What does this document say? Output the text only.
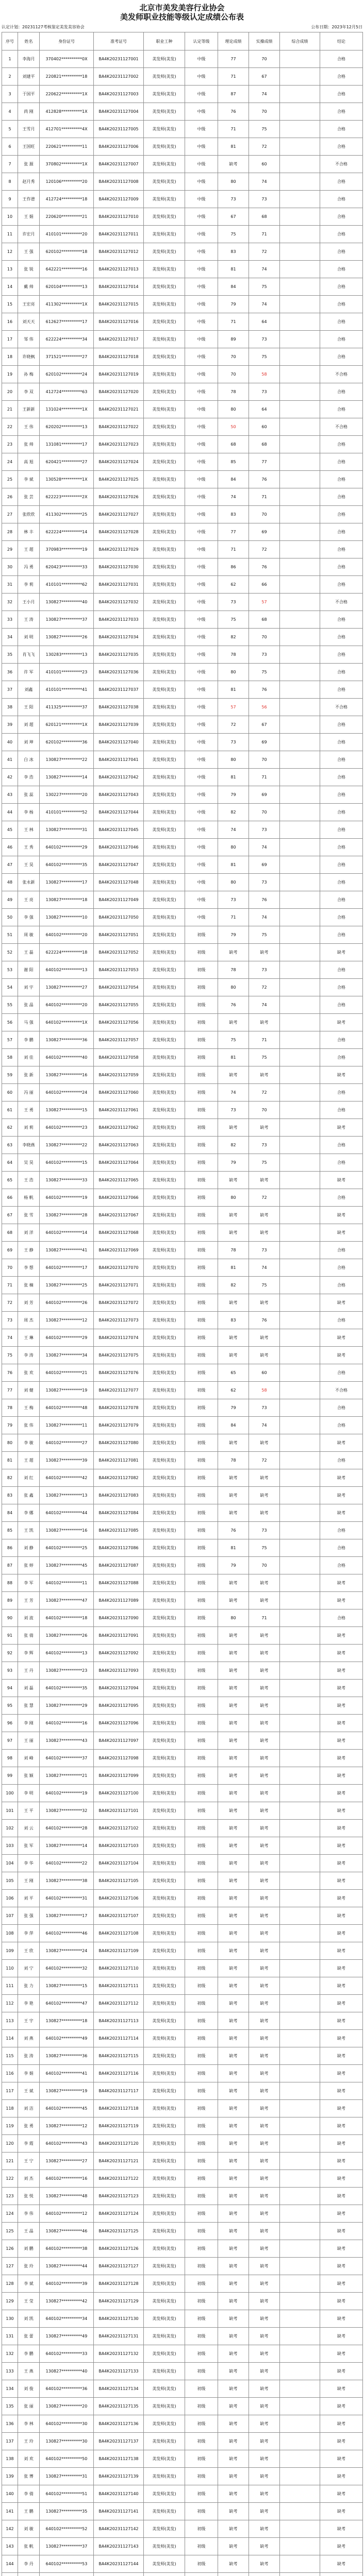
北京市美发美容行业协会
美发师职业技能等级认定成绩公布表
认定计划：20231127考核鉴定美发美容协会	公布日期：2023年12月5日
序号	姓名	身份证号	准考证号	职业工种	认定等级	理论成绩	实操成绩	综合成绩	结论
1	李海月	370402**********0X	BA4K20231127001	美发师(美发)	中级	77	70		合格
2	刘建平	220821**********18	BA4K20231127002	美发师(美发)	中级	71	67		合格
3	于国平	220622**********1X	BA4K20231127003	美发师(美发)	中级	87	74		合格
4	尚 刚	412828**********1X	BA4K20231127004	美发师(美发)	中级	76	70		合格
5	王雪月	412701**********4X	BA4K20231127005	美发师(美发)	中级	71	75		合格
6	王国旺	220621**********11	BA4K20231127006	美发师(美发)	中级	81	72		合格
7	张 源	370802**********1X	BA4K20231127007	美发师(美发)	中级	缺考	60		不合格
8	赵月秀	120106**********20	BA4K20231127008	美发师(美发)	中级	80	74		合格
9	王作谱	412724**********18	BA4K20231127009	美发师(美发)	中级	73	73		合格
10	王 娟	220620**********21	BA4K20231127010	美发师(美发)	中级	67	68		合格
11	许宏月	410101**********20	BA4K20231127011	美发师(美发)	中级	75	71		合格
12	王 强	620102**********18	BA4K20231127012	美发师(美发)	中级	83	72		合格
13	张 锐	642221**********16	BA4K20231127013	美发师(美发)	中级	81	74		合格
14	戴 帅	620104**********13	BA4K20231127014	美发师(美发)	中级	84	75		合格
15	王宏亮	411302**********1X	BA4K20231127015	美发师(美发)	中级	79	74		合格
16	刘天天	612627**********17	BA4K20231127016	美发师(美发)	中级	71	64		合格
17	邹 伟	622224**********34	BA4K20231127017	美发师(美发)	中级	89	73		合格
18	许晓枫	371521**********27	BA4K20231127018	美发师(美发)	中级	70	75		合格
19	孙 梅	620102**********24	BA4K20231127019	美发师(美发)	中级	70	58		不合格
20	李 双	412724**********63	BA4K20231127020	美发师(美发)	中级	78	73		合格
21	王新新	131024**********1X	BA4K20231127021	美发师(美发)	中级	80	64		合格
22	王 伟	620202**********13	BA4K20231127022	美发师(美发)	中级	50	60		不合格
23	张 帅	131081**********17	BA4K20231127023	美发师(美发)	中级	68	68		合格
24	高 旭	620421**********27	BA4K20231127024	美发师(美发)	中级	85	77		合格
25	李 斌	130528**********1X	BA4K20231127025	美发师(美发)	中级	84	76		合格
26	张 芸	622223**********2X	BA4K20231127026	美发师(美发)	中级	74	71		合格
27	张欣欣	411302**********25	BA4K20231127027	美发师(美发)	中级	83	70		合格
28	林 丰	622224**********14	BA4K20231127028	美发师(美发)	中级	77	69		合格
29	王 超	370983**********19	BA4K20231127029	美发师(美发)	中级	71	72		合格
30	冯 勇	620423**********33	BA4K20231127030	美发师(美发)	中级	86	76		合格
31	李 莉	410101**********62	BA4K20231127031	美发师(美发)	中级	62	66		合格
32	王小月	130827**********40	BA4K20231127032	美发师(美发)	中级	73	57		不合格
33	王 涛	130827**********37	BA4K20231127033	美发师(美发)	中级	75	68		合格
34	刘 明	130827**********26	BA4K20231127034	美发师(美发)	中级	82	70		合格
35	肖飞飞	130283**********13	BA4K20231127035	美发师(美发)	中级	78	73		合格
36	许 军	410101**********23	BA4K20231127036	美发师(美发)	中级	80	75		合格
37	刘鑫	410101**********41	BA4K20231127037	美发师(美发)	中级	81	76		合格
38	王 阳	411325**********37	BA4K20231127038	美发师(美发)	中级	57	56		不合格
39	刘 超	620121**********1X	BA4K20231127039	美发师(美发)	中级	72	67		合格
40	刘 坤	620102**********36	BA4K20231127040	美发师(美发)	中级	73	69		合格
41	白 冰	130827**********22	BA4K20231127041	美发师(美发)	中级	80	70		合格
42	李 浩	130827**********14	BA4K20231127042	美发师(美发)	中级	81	71		合格
43	张 蕊	130227**********20	BA4K20231127043	美发师(美发)	中级	79	69		合格
44	李 杨	410101**********52	BA4K20231127044	美发师(美发)	中级	82	70		合格
45	王 林	130827**********31	BA4K20231127045	美发师(美发)	中级	74	73		合格
46	王 秀	640102**********29	BA4K20231127046	美发师(美发)	中级	80	74		合格
47	王 昊	640102**********35	BA4K20231127047	美发师(美发)	中级	81	69		合格
48	张永新	130827**********17	BA4K20231127048	美发师(美发)	中级	80	73		合格
49	王 亮	130827**********18	BA4K20231127049	美发师(美发)	中级	73	76		合格
50	李 强	130827**********10	BA4K20231127050	美发师(美发)	中级	71	74		合格
51	周 敏	640102**********20	BA4K20231127051	美发师(美发)	初级	79	75		合格
52	王 磊	622224**********18	BA4K20231127052	美发师(美发)	初级	缺考	缺考		缺考
53	谢 阳	640102**********13	BA4K20231127053	美发师(美发)	初级	78	73		合格
54	刘 宇	130827**********27	BA4K20231127054	美发师(美发)	初级	80	72		合格
55	张 晶	640102**********20	BA4K20231127055	美发师(美发)	初级	76	74		合格
56	马 强	640102**********1X	BA4K20231127056	美发师(美发)	初级	缺考	缺考		缺考
57	李 鹏	130827**********36	BA4K20231127057	美发师(美发)	初级	75	71		合格
58	刘 佳	640102**********40	BA4K20231127058	美发师(美发)	初级	81	75		合格
59	张 新	130827**********16	BA4K20231127059	美发师(美发)	初级	缺考	缺考		缺考
60	冯 丽	640102**********24	BA4K20231127060	美发师(美发)	初级	74	72		合格
61	王 勇	130827**********15	BA4K20231127061	美发师(美发)	初级	73	70		合格
62	刘 莉	640102**********23	BA4K20231127062	美发师(美发)	初级	缺考	缺考		缺考
63	李晓燕	130827**********22	BA4K20231127063	美发师(美发)	初级	82	73		合格
64	吴 昊	640102**********15	BA4K20231127064	美发师(美发)	初级	79	75		合格
65	王 浩	130827**********33	BA4K20231127065	美发师(美发)	初级	缺考	缺考		缺考
66	杨 帆	640102**********19	BA4K20231127066	美发师(美发)	初级	80	72		合格
67	张 雪	130827**********28	BA4K20231127067	美发师(美发)	初级	缺考	缺考		缺考
68	刘 洋	640102**********14	BA4K20231127068	美发师(美发)	初级	缺考	缺考		缺考
69	王 静	130827**********41	BA4K20231127069	美发师(美发)	初级	78	73		合格
70	李 想	640102**********17	BA4K20231127070	美发师(美发)	初级	81	74		合格
71	张 楠	130827**********25	BA4K20231127071	美发师(美发)	初级	82	75		合格
72	刘 芳	640102**********26	BA4K20231127072	美发师(美发)	初级	缺考	缺考		缺考
73	周 杰	130827**********12	BA4K20231127073	美发师(美发)	初级	83	76		合格
74	王 琳	640102**********29	BA4K20231127074	美发师(美发)	初级	缺考	缺考		缺考
75	李 涛	130827**********34	BA4K20231127075	美发师(美发)	初级	缺考	缺考		缺考
76	张 欢	640102**********21	BA4K20231127076	美发师(美发)	初级	65	60		合格
77	刘 健	130827**********19	BA4K20231127077	美发师(美发)	初级	62	58		不合格
78	王 梅	640102**********48	BA4K20231127078	美发师(美发)	初级	79	73		合格
79	张 伟	130827**********11	BA4K20231127079	美发师(美发)	初级	84	74		合格
80	李 敏	640102**********27	BA4K20231127080	美发师(美发)	初级	缺考	缺考		缺考
81	王 超	130827**********39	BA4K20231127081	美发师(美发)	初级	78	72		合格
82	刘 红	640102**********42	BA4K20231127082	美发师(美发)	初级	缺考	缺考		缺考
83	张 鑫	130827**********13	BA4K20231127083	美发师(美发)	初级	缺考	缺考		缺考
84	李 娜	640102**********44	BA4K20231127084	美发师(美发)	初级	缺考	缺考		缺考
85	王 凯	130827**********16	BA4K20231127085	美发师(美发)	初级	76	73		合格
86	刘 静	640102**********25	BA4K20231127086	美发师(美发)	初级	81	75		合格
87	张 婷	130827**********45	BA4K20231127087	美发师(美发)	初级	79	70		合格
88	李 军	640102**********11	BA4K20231127088	美发师(美发)	初级	缺考	缺考		缺考
89	王 芳	130827**********47	BA4K20231127089	美发师(美发)	初级	缺考	缺考		缺考
90	刘 波	640102**********18	BA4K20231127090	美发师(美发)	初级	80	71		合格
91	张 倩	130827**********26	BA4K20231127091	美发师(美发)	初级	缺考	缺考		缺考
92	李 辉	640102**********13	BA4K20231127092	美发师(美发)	初级	缺考	缺考		缺考
93	王 丹	130827**********23	BA4K20231127093	美发师(美发)	初级	缺考	缺考		缺考
94	刘 磊	640102**********35	BA4K20231127094	美发师(美发)	初级	缺考	缺考		缺考
95	张 慧	130827**********29	BA4K20231127095	美发师(美发)	初级	缺考	缺考		缺考
96	李 刚	640102**********16	BA4K20231127096	美发师(美发)	初级	缺考	缺考		缺考
97	王 丽	130827**********43	BA4K20231127097	美发师(美发)	初级	缺考	缺考		缺考
98	刘 峰	640102**********37	BA4K20231127098	美发师(美发)	初级	缺考	缺考		缺考
99	张 颖	130827**********21	BA4K20231127099	美发师(美发)	初级	缺考	缺考		缺考
100	李 明	640102**********19	BA4K20231127100	美发师(美发)	初级	缺考	缺考		缺考
101	王 平	130827**********32	BA4K20231127101	美发师(美发)	初级	缺考	缺考		缺考
102	刘 云	640102**********28	BA4K20231127102	美发师(美发)	初级	缺考	缺考		缺考
103	张 军	130827**********14	BA4K20231127103	美发师(美发)	初级	缺考	缺考		缺考
104	李 华	640102**********22	BA4K20231127104	美发师(美发)	初级	缺考	缺考		缺考
105	王 刚	130827**********38	BA4K20231127105	美发师(美发)	初级	缺考	缺考		缺考
106	刘 平	640102**********31	BA4K20231127106	美发师(美发)	初级	缺考	缺考		缺考
107	张 强	130827**********17	BA4K20231127107	美发师(美发)	初级	缺考	缺考		缺考
108	李 萍	640102**********46	BA4K20231127108	美发师(美发)	初级	缺考	缺考		缺考
109	王 欣	130827**********24	BA4K20231127109	美发师(美发)	初级	缺考	缺考		缺考
110	刘 宁	640102**********32	BA4K20231127110	美发师(美发)	初级	缺考	缺考		缺考
111	张 力	130827**********15	BA4K20231127111	美发师(美发)	初级	缺考	缺考		缺考
112	李 艳	640102**********47	BA4K20231127112	美发师(美发)	初级	缺考	缺考		缺考
113	王 宇	130827**********18	BA4K20231127113	美发师(美发)	初级	缺考	缺考		缺考
114	刘 燕	640102**********49	BA4K20231127114	美发师(美发)	初级	缺考	缺考		缺考
115	张 涛	130827**********36	BA4K20231127115	美发师(美发)	初级	缺考	缺考		缺考
116	李 娟	640102**********41	BA4K20231127116	美发师(美发)	初级	缺考	缺考		缺考
117	王 斌	130827**********19	BA4K20231127117	美发师(美发)	初级	缺考	缺考		缺考
118	刘 洁	640102**********45	BA4K20231127118	美发师(美发)	初级	缺考	缺考		缺考
119	张 勇	130827**********12	BA4K20231127119	美发师(美发)	初级	缺考	缺考		缺考
120	李 霞	640102**********43	BA4K20231127120	美发师(美发)	初级	缺考	缺考		缺考
121	王 宁	130827**********27	BA4K20231127121	美发师(美发)	初级	缺考	缺考		缺考
122	刘 杰	640102**********16	BA4K20231127122	美发师(美发)	初级	缺考	缺考		缺考
123	张 悦	130827**********48	BA4K20231127123	美发师(美发)	初级	缺考	缺考		缺考
124	李 伟	640102**********12	BA4K20231127124	美发师(美发)	初级	缺考	缺考		缺考
125	王 晶	130827**********46	BA4K20231127125	美发师(美发)	初级	缺考	缺考		缺考
126	刘 鹏	640102**********38	BA4K20231127126	美发师(美发)	初级	缺考	缺考		缺考
127	张 玲	130827**********44	BA4K20231127127	美发师(美发)	初级	缺考	缺考		缺考
128	李 斌	640102**********39	BA4K20231127128	美发师(美发)	初级	缺考	缺考		缺考
129	王 莹	130827**********42	BA4K20231127129	美发师(美发)	初级	缺考	缺考		缺考
130	刘 凯	640102**********34	BA4K20231127130	美发师(美发)	初级	缺考	缺考		缺考
131	张 蕾	130827**********49	BA4K20231127131	美发师(美发)	初级	缺考	缺考		缺考
132	李 鹏	640102**********33	BA4K20231127132	美发师(美发)	初级	缺考	缺考		缺考
133	王 燕	130827**********40	BA4K20231127133	美发师(美发)	初级	缺考	缺考		缺考
134	刘 俊	640102**********36	BA4K20231127134	美发师(美发)	初级	缺考	缺考		缺考
135	张 丽	130827**********20	BA4K20231127135	美发师(美发)	初级	缺考	缺考		缺考
136	李 林	640102**********30	BA4K20231127136	美发师(美发)	初级	缺考	缺考		缺考
137	王 玲	130827**********30	BA4K20231127137	美发师(美发)	初级	缺考	缺考		缺考
138	刘 欢	640102**********50	BA4K20231127138	美发师(美发)	初级	缺考	缺考		缺考
139	张 博	130827**********31	BA4K20231127139	美发师(美发)	初级	缺考	缺考		缺考
140	李 倩	640102**********51	BA4K20231127140	美发师(美发)	初级	缺考	缺考		缺考
141	王 鹏	130827**********35	BA4K20231127141	美发师(美发)	初级	缺考	缺考		缺考
142	刘 敏	640102**********52	BA4K20231127142	美发师(美发)	初级	缺考	缺考		缺考
143	张 帆	130827**********37	BA4K20231127143	美发师(美发)	初级	缺考	缺考		缺考
144	李 丹	640102**********53	BA4K20231127144	美发师(美发)	初级	缺考	缺考		缺考
